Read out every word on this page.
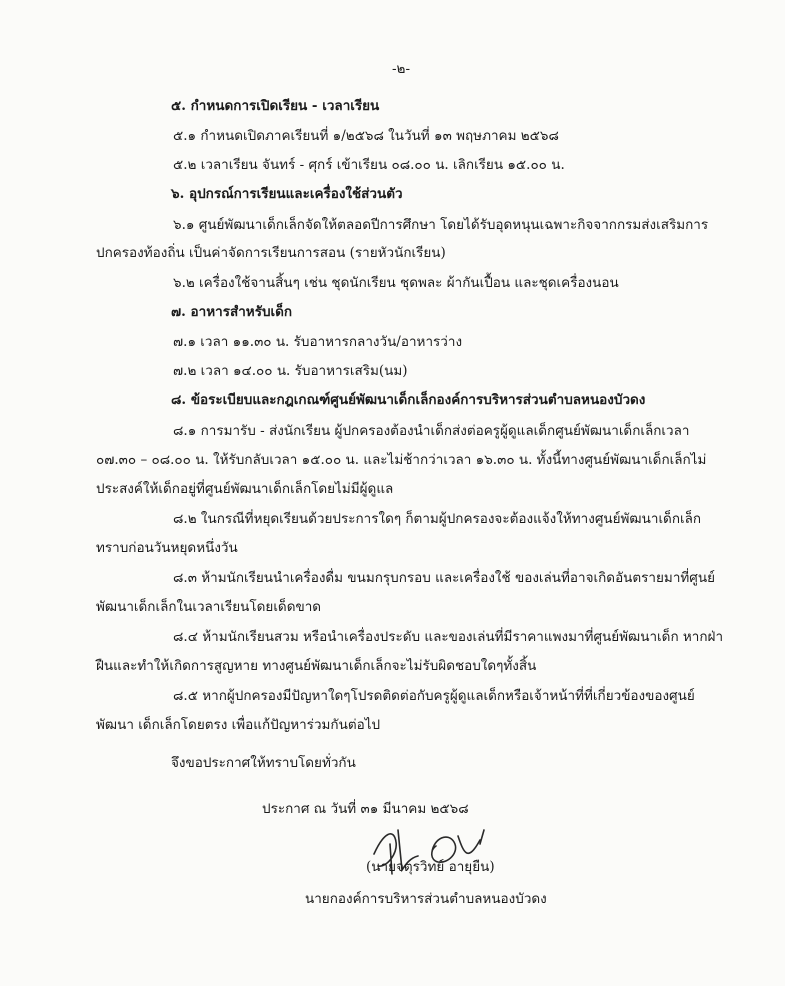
-๒-
๕. กำหนดการเปิดเรียน - เวลาเรียน
๕.๑ กำหนดเปิดภาคเรียนที่ ๑/๒๕๖๘ ในวันที่ ๑๓ พฤษภาคม ๒๕๖๘
๕.๒ เวลาเรียน จันทร์ - ศุกร์ เข้าเรียน ๐๘.๐๐ น. เลิกเรียน ๑๕.๐๐ น.
๖. อุปกรณ์การเรียนและเครื่องใช้ส่วนตัว
๖.๑ ศูนย์พัฒนาเด็กเล็กจัดให้ตลอดปีการศึกษา โดยได้รับอุดหนุนเฉพาะกิจจากกรมส่งเสริมการ
ปกครองท้องถิ่น เป็นค่าจัดการเรียนการสอน (รายหัวนักเรียน)
๖.๒ เครื่องใช้จานสิ้นๆ เช่น ชุดนักเรียน ชุดพละ ผ้ากันเปื้อน และชุดเครื่องนอน
๗. อาหารสำหรับเด็ก
๗.๑ เวลา ๑๑.๓๐ น. รับอาหารกลางวัน/อาหารว่าง
๗.๒ เวลา ๑๔.๐๐ น. รับอาหารเสริม(นม)
๘. ข้อระเบียบและกฎเกณฑ์ศูนย์พัฒนาเด็กเล็กองค์การบริหารส่วนตำบลหนองบัวดง
๘.๑ การมารับ - ส่งนักเรียน ผู้ปกครองต้องนำเด็กส่งต่อครูผู้ดูแลเด็กศูนย์พัฒนาเด็กเล็กเวลา
๐๗.๓๐ – ๐๘.๐๐ น. ให้รับกลับเวลา ๑๕.๐๐ น. และไม่ช้ากว่าเวลา ๑๖.๓๐ น. ทั้งนี้ทางศูนย์พัฒนาเด็กเล็กไม่
ประสงค์ให้เด็กอยู่ที่ศูนย์พัฒนาเด็กเล็กโดยไม่มีผู้ดูแล
๘.๒ ในกรณีที่หยุดเรียนด้วยประการใดๆ ก็ตามผู้ปกครองจะต้องแจ้งให้ทางศูนย์พัฒนาเด็กเล็ก
ทราบก่อนวันหยุดหนึ่งวัน
๘.๓ ห้ามนักเรียนนำเครื่องดื่ม ขนมกรุบกรอบ และเครื่องใช้ ของเล่นที่อาจเกิดอันตรายมาที่ศูนย์
พัฒนาเด็กเล็กในเวลาเรียนโดยเด็ดขาด
๘.๔ ห้ามนักเรียนสวม หรือนำเครื่องประดับ และของเล่นที่มีราคาแพงมาที่ศูนย์พัฒนาเด็ก หากฝ่า
ฝืนและทำให้เกิดการสูญหาย ทางศูนย์พัฒนาเด็กเล็กจะไม่รับผิดชอบใดๆทั้งสิ้น
๘.๕ หากผู้ปกครองมีปัญหาใดๆโปรดติดต่อกับครูผู้ดูแลเด็กหรือเจ้าหน้าที่ที่เกี่ยวข้องของศูนย์
พัฒนา เด็กเล็กโดยตรง เพื่อแก้ปัญหาร่วมกันต่อไป
จึงขอประกาศให้ทราบโดยทั่วกัน
ประกาศ ณ วันที่ ๓๑ มีนาคม ๒๕๖๘
(นายจตุรวิทย์ อายุยืน)
นายกองค์การบริหารส่วนตำบลหนองบัวดง
